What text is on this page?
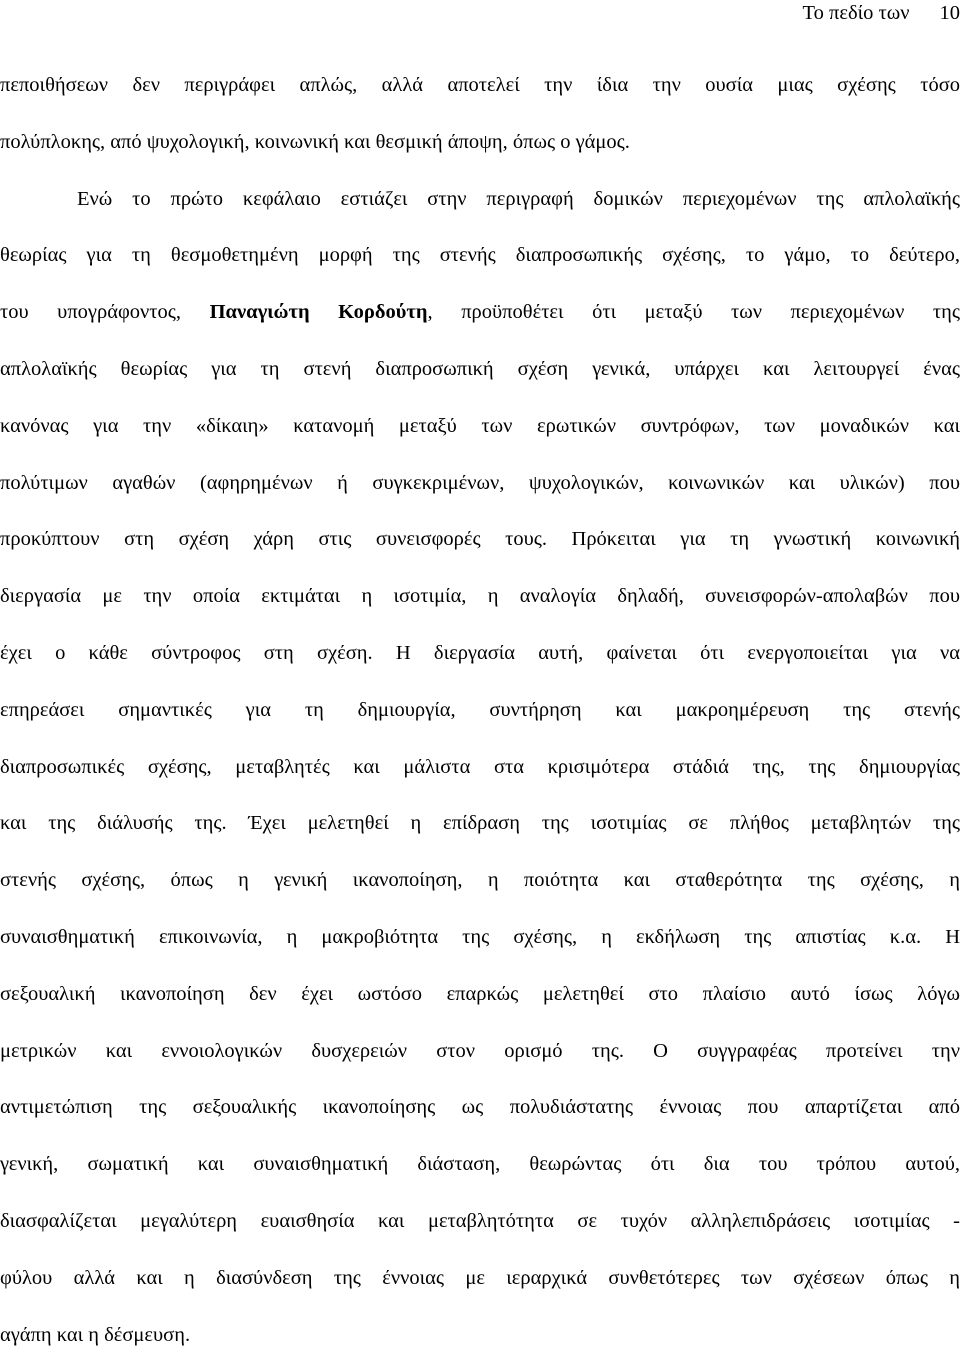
Το πεδίο των 10
πεποιθήσεων δεν περιγράφει απλώς, αλλά αποτελεί την ίδια την ουσία μιας σχέσης τόσο
πολύπλοκης, από ψυχολογική, κοινωνική και θεσμική άποψη, όπως ο γάμος.
Ενώ το πρώτο κεφάλαιο εστιάζει στην περιγραφή δομικών περιεχομένων της απλολαϊκής
θεωρίας για τη θεσμοθετημένη μορφή της στενής διαπροσωπικής σχέσης, το γάμο, το δεύτερο,
του υπογράφοντος, Παναγιώτη Κορδούτη, προϋποθέτει ότι μεταξύ των περιεχομένων της
απλολαϊκής θεωρίας για τη στενή διαπροσωπική σχέση γενικά, υπάρχει και λειτουργεί ένας
κανόνας για την «δίκαιη» κατανομή μεταξύ των ερωτικών συντρόφων, των μοναδικών και
πολύτιμων αγαθών (αφηρημένων ή συγκεκριμένων, ψυχολογικών, κοινωνικών και υλικών) που
προκύπτουν στη σχέση χάρη στις συνεισφορές τους. Πρόκειται για τη γνωστική κοινωνική
διεργασία με την οποία εκτιμάται η ισοτιμία, η αναλογία δηλαδή, συνεισφορών-απολαβών που
έχει ο κάθε σύντροφος στη σχέση. Η διεργασία αυτή, φαίνεται ότι ενεργοποιείται για να
επηρεάσει σημαντικές για τη δημιουργία, συντήρηση και μακροημέρευση της στενής
διαπροσωπικές σχέσης, μεταβλητές και μάλιστα στα κρισιμότερα στάδιά της, της δημιουργίας
και της διάλυσής της. Έχει μελετηθεί η επίδραση της ισοτιμίας σε πλήθος μεταβλητών της
στενής σχέσης, όπως η γενική ικανοποίηση, η ποιότητα και σταθερότητα της σχέσης, η
συναισθηματική επικοινωνία, η μακροβιότητα της σχέσης, η εκδήλωση της απιστίας κ.α. Η
σεξουαλική ικανοποίηση δεν έχει ωστόσο επαρκώς μελετηθεί στο πλαίσιο αυτό ίσως λόγω
μετρικών και εννοιολογικών δυσχερειών στον ορισμό της. Ο συγγραφέας προτείνει την
αντιμετώπιση της σεξουαλικής ικανοποίησης ως πολυδιάστατης έννοιας που απαρτίζεται από
γενική, σωματική και συναισθηματική διάσταση, θεωρώντας ότι δια του τρόπου αυτού,
διασφαλίζεται μεγαλύτερη ευαισθησία και μεταβλητότητα σε τυχόν αλληλεπιδράσεις ισοτιμίας -
φύλου αλλά και η διασύνδεση της έννοιας με ιεραρχικά συνθετότερες των σχέσεων όπως η
αγάπη και η δέσμευση.
